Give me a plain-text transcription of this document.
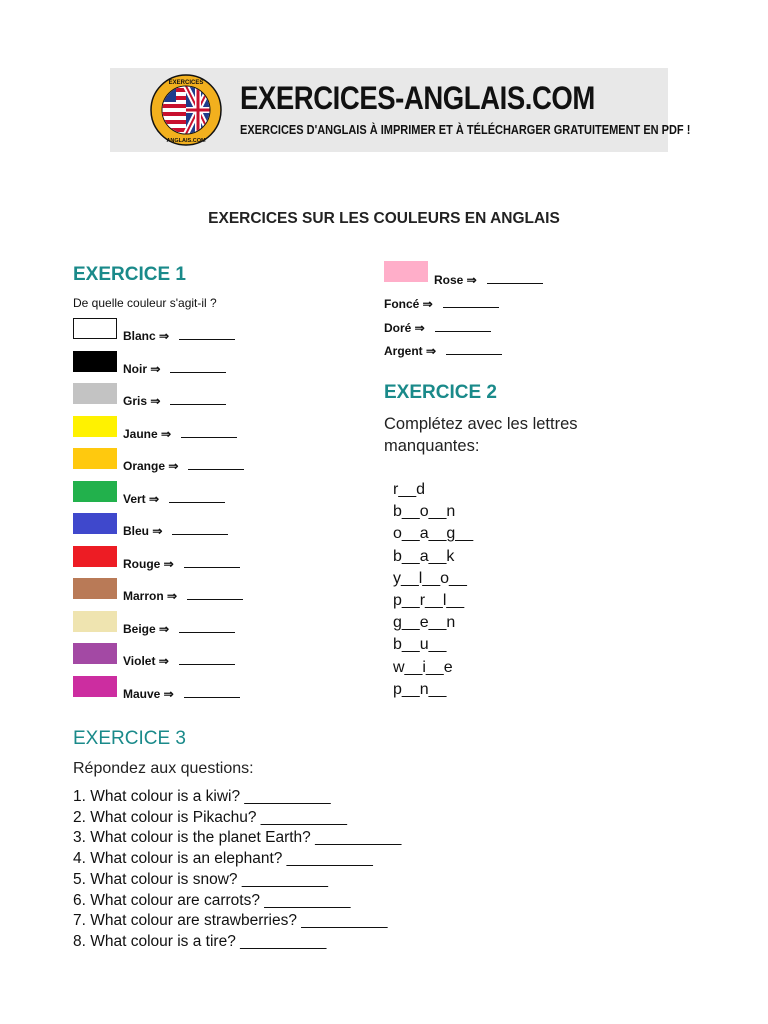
EXERCICES
ANGLAIS.COM
EXERCICES-ANGLAIS.COM
EXERCICES D'ANGLAIS À IMPRIMER ET À TÉLÉCHARGER GRATUITEMENT EN PDF !
EXERCICES SUR LES COULEURS EN ANGLAIS
EXERCICE 1
De quelle couleur s'agit-il ?
Blanc ⇒
Noir ⇒
Gris ⇒
Jaune ⇒
Orange ⇒
Vert ⇒
Bleu ⇒
Rouge ⇒
Marron ⇒
Beige ⇒
Violet ⇒
Mauve ⇒
Rose ⇒
Foncé ⇒
Doré ⇒
Argent ⇒
EXERCICE 2
Complétez avec les lettres manquantes:
r__d
b__o__n
o__a__g__
b__a__k
y__l__o__
p__r__l__
g__e__n
b__u__
w__i__e
p__n__
EXERCICE 3
Répondez aux questions:
1. What colour is a kiwi? __________
2. What colour is Pikachu? __________
3. What colour is the planet Earth? __________
4. What colour is an elephant? __________
5. What colour is snow? __________
6. What colour are carrots? __________
7. What colour are strawberries? __________
8. What colour is a tire? __________
